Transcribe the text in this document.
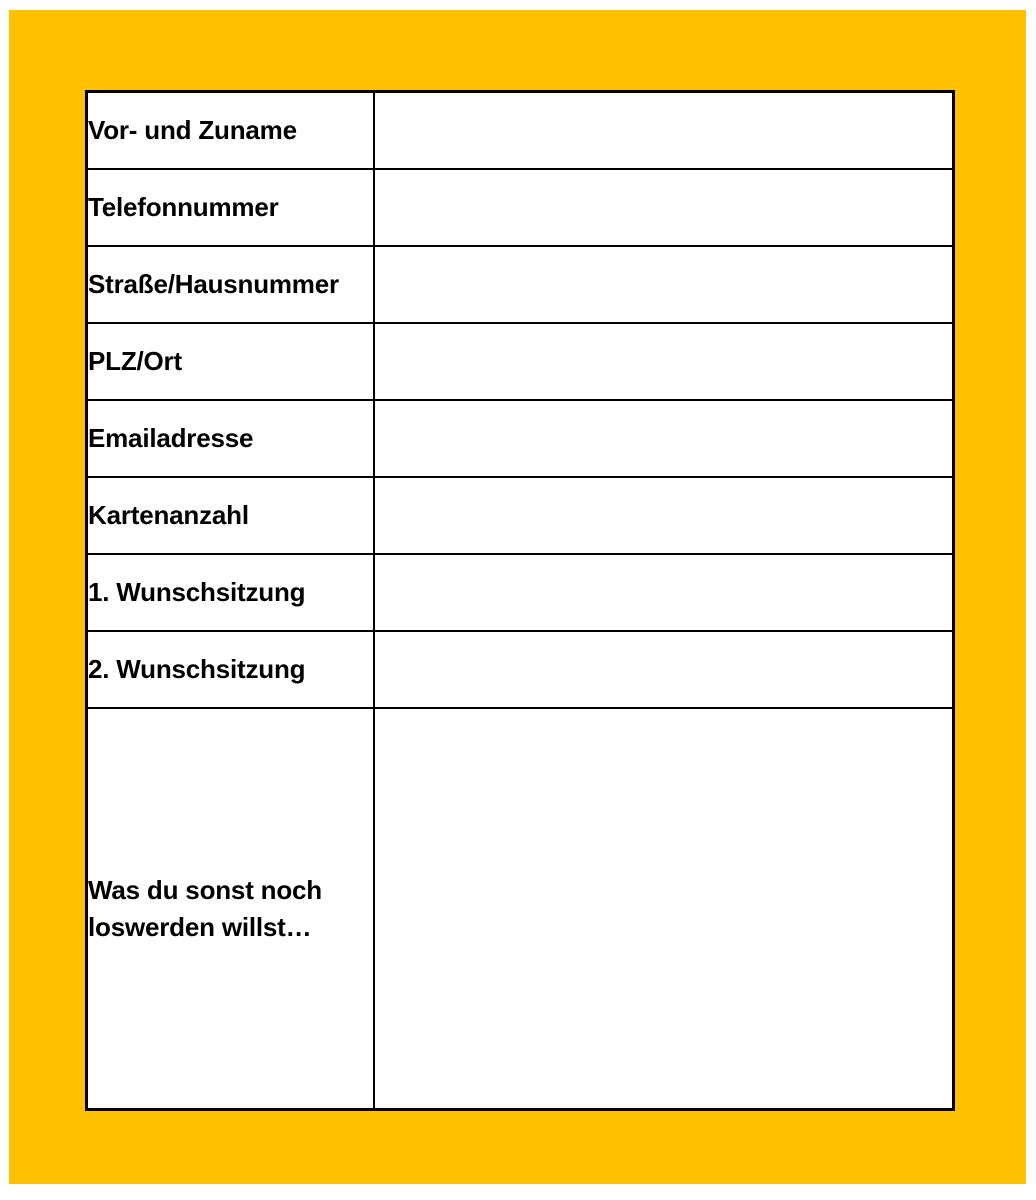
Vor- und Zuname	
Telefonnummer	
Straße/Hausnummer	
PLZ/Ort	
Emailadresse	
Kartenanzahl	
1. Wunschsitzung	
2. Wunschsitzung	
Was du sonst noch loswerden willst…	
